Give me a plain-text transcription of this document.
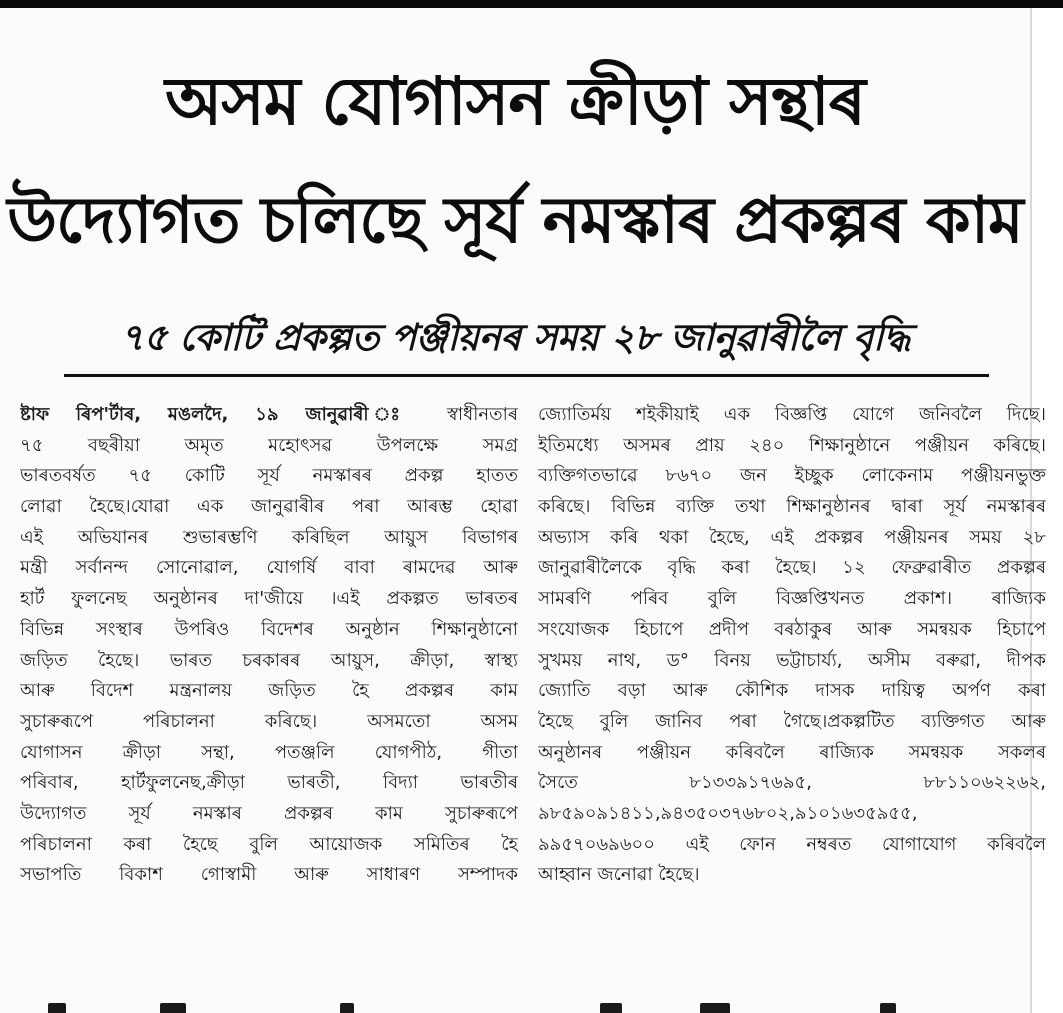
অসম যোগাসন ক্ৰীড়া সন্থাৰ
উদ্যোগত চলিছে সূৰ্য নমস্কাৰ প্ৰকল্পৰ কাম
৭৫ কোটি প্ৰকল্পত পঞ্জীয়নৰ সময় ২৮ জানুৱাৰীলৈ বৃদ্ধি
ষ্টাফ ৰিপ'ৰ্টাৰ, মঙলদৈ, ১৯ জানুৱাৰী ঃ স্বাধীনতাৰ
৭৫ বছৰীয়া অমৃত মহোৎসৱ উপলক্ষে সমগ্ৰ
ভাৰতবৰ্ষত ৭৫ কোটি সূৰ্য নমস্কাৰৰ প্ৰকল্প হাতত
লোৱা হৈছে।যোৱা এক জানুৱাৰীৰ পৰা আৰম্ভ হোৱা
এই অভিযানৰ শুভাৰম্ভণি কৰিছিল আয়ুস বিভাগৰ
মন্ত্ৰী সৰ্বানন্দ সোনোৱাল, যোগৰ্ষি বাবা ৰামদেৱ আৰু
হাৰ্ট ফুলনেছ অনুষ্ঠানৰ দা'জীয়ে ।এই প্ৰকল্পত ভাৰতৰ
বিভিন্ন সংস্থাৰ উপৰিও বিদেশৰ অনুষ্ঠান শিক্ষানুষ্ঠানো
জড়িত হৈছে। ভাৰত চৰকাৰৰ আয়ুস, ক্ৰীড়া, স্বাস্থ্য
আৰু বিদেশ মন্ত্ৰনালয় জড়িত হৈ প্ৰকল্পৰ কাম
সুচাৰুৰূপে পৰিচালনা কৰিছে। অসমতো অসম
যোগাসন ক্ৰীড়া সন্থা, পতঞ্জলি যোগপীঠ, গীতা
পৰিবাৰ, হাৰ্টফুলনেছ,ক্ৰীড়া ভাৰতী, বিদ্যা ভাৰতীৰ
উদ্যোগত সূৰ্য নমস্কাৰ প্ৰকল্পৰ কাম সুচাৰুৰূপে
পৰিচালনা কৰা হৈছে বুলি আয়োজক সমিতিৰ হৈ
সভাপতি বিকাশ গোস্বামী আৰু সাধাৰণ সম্পাদক
জ্যোতিৰ্ময় শইকীয়াই এক বিজ্ঞপ্তি যোগে জনিবলৈ দিছে।
ইতিমধ্যে অসমৰ প্ৰায় ২৪০ শিক্ষানুষ্ঠানে পঞ্জীয়ন কৰিছে।
ব্যক্তিগতভাৱে ৮৬৭০ জন ইচ্ছুক লোকেনাম পঞ্জীয়নভুক্ত
কৰিছে। বিভিন্ন ব্যক্তি তথা শিক্ষানুষ্ঠানৰ দ্বাৰা সূৰ্য নমস্কাৰৰ
অভ্যাস কৰি থকা হৈছে, এই প্ৰকল্পৰ পঞ্জীয়নৰ সময় ২৮
জানুৱাৰীলৈকে বৃদ্ধি কৰা হৈছে। ১২ ফেব্ৰুৱাৰীত প্ৰকল্পৰ
সামৰণি পৰিব বুলি বিজ্ঞপ্তিখনত প্ৰকাশ। ৰাজ্যিক
সংযোজক হিচাপে প্ৰদীপ বৰঠাকুৰ আৰু সমন্বয়ক হিচাপে
সুখময় নাথ, ড° বিনয় ভট্টাচাৰ্য্য, অসীম বৰুৱা, দীপক
জ্যোতি বড়া আৰু কৌশিক দাসক দায়িত্ব অৰ্পণ কৰা
হৈছে বুলি জানিব পৰা গৈছে।প্ৰকল্পটিত ব্যক্তিগত আৰু
অনুষ্ঠানৰ পঞ্জীয়ন কৰিবলৈ ৰাজ্যিক সমন্বয়ক সকলৰ
সৈতে ৮১৩৩৯১৭৬৯৫, ৮৮১১০৬২২৬২,
৯৮৫৯০৯১৪১১,৯৪৩৫০৩৭৬৮০২,৯১০১৬৩৫৯৫৫,
৯৯৫৭০৬৯৬০০ এই ফোন নম্বৰত যোগাযোগ কৰিবলৈ
আহ্বান জনোৱা হৈছে।
